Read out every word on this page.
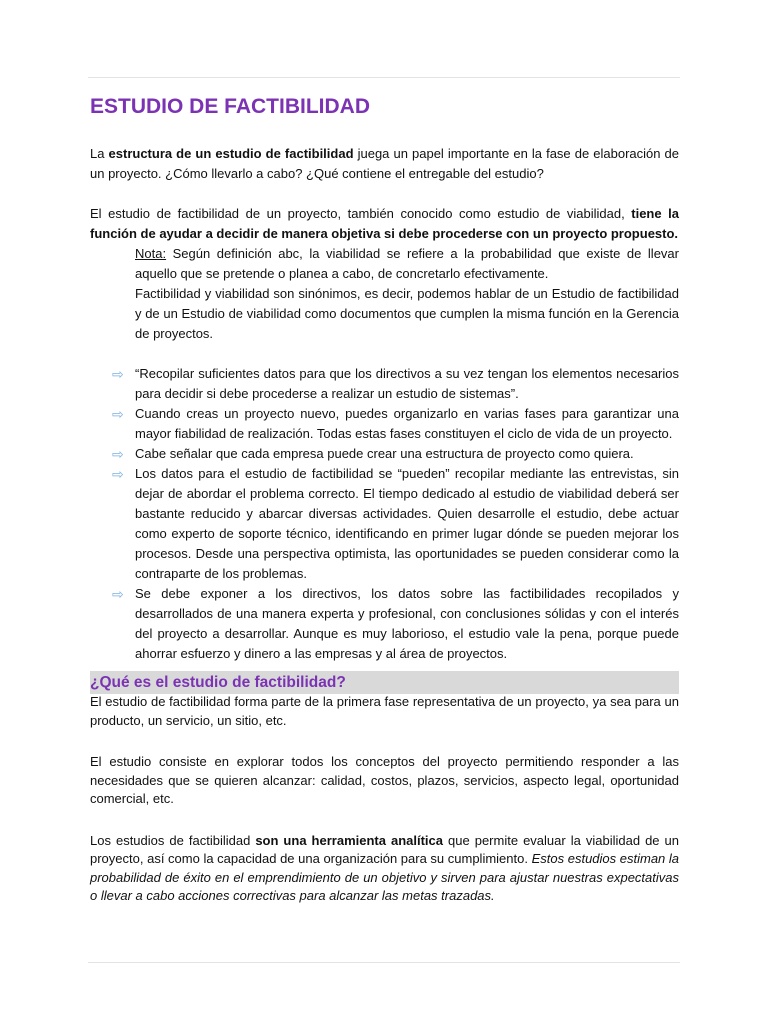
ESTUDIO DE FACTIBILIDAD

La estructura de un estudio de factibilidad juega un papel importante en la fase de elaboración de un proyecto. ¿Cómo llevarlo a cabo? ¿Qué contiene el entregable del estudio?

El estudio de factibilidad de un proyecto, también conocido como estudio de viabilidad, tiene la función de ayudar a decidir de manera objetiva si debe procederse con un proyecto propuesto.

Nota: Según definición abc, la viabilidad se refiere a la probabilidad que existe de llevar aquello que se pretende o planea a cabo, de concretarlo efectivamente.
Factibilidad y viabilidad son sinónimos, es decir, podemos hablar de un Estudio de factibilidad y de un Estudio de viabilidad como documentos que cumplen la misma función en la Gerencia de proyectos.
⇨ “Recopilar suficientes datos para que los directivos a su vez tengan los elementos necesarios para decidir si debe procederse a realizar un estudio de sistemas”.
⇨ Cuando creas un proyecto nuevo, puedes organizarlo en varias fases para garantizar una mayor fiabilidad de realización. Todas estas fases constituyen el ciclo de vida de un proyecto.
⇨ Cabe señalar que cada empresa puede crear una estructura de proyecto como quiera.
⇨ Los datos para el estudio de factibilidad se “pueden” recopilar mediante las entrevistas, sin dejar de abordar el problema correcto. El tiempo dedicado al estudio de viabilidad deberá ser bastante reducido y abarcar diversas actividades. Quien desarrolle el estudio, debe actuar como experto de soporte técnico, identificando en primer lugar dónde se pueden mejorar los procesos. Desde una perspectiva optimista, las oportunidades se pueden considerar como la contraparte de los problemas.
⇨ Se debe exponer a los directivos, los datos sobre las factibilidades recopilados y desarrollados de una manera experta y profesional, con conclusiones sólidas y con el interés del proyecto a desarrollar. Aunque es muy laborioso, el estudio vale la pena, porque puede ahorrar esfuerzo y dinero a las empresas y al área de proyectos.
¿Qué es el estudio de factibilidad?

El estudio de factibilidad forma parte de la primera fase representativa de un proyecto, ya sea para un producto, un servicio, un sitio, etc.

El estudio consiste en explorar todos los conceptos del proyecto permitiendo responder a las necesidades que se quieren alcanzar: calidad, costos, plazos, servicios, aspecto legal, oportunidad comercial, etc.

Los estudios de factibilidad son una herramienta analítica que permite evaluar la viabilidad de un proyecto, así como la capacidad de una organización para su cumplimiento. Estos estudios estiman la probabilidad de éxito en el emprendimiento de un objetivo y sirven para ajustar nuestras expectativas o llevar a cabo acciones correctivas para alcanzar las metas trazadas.
